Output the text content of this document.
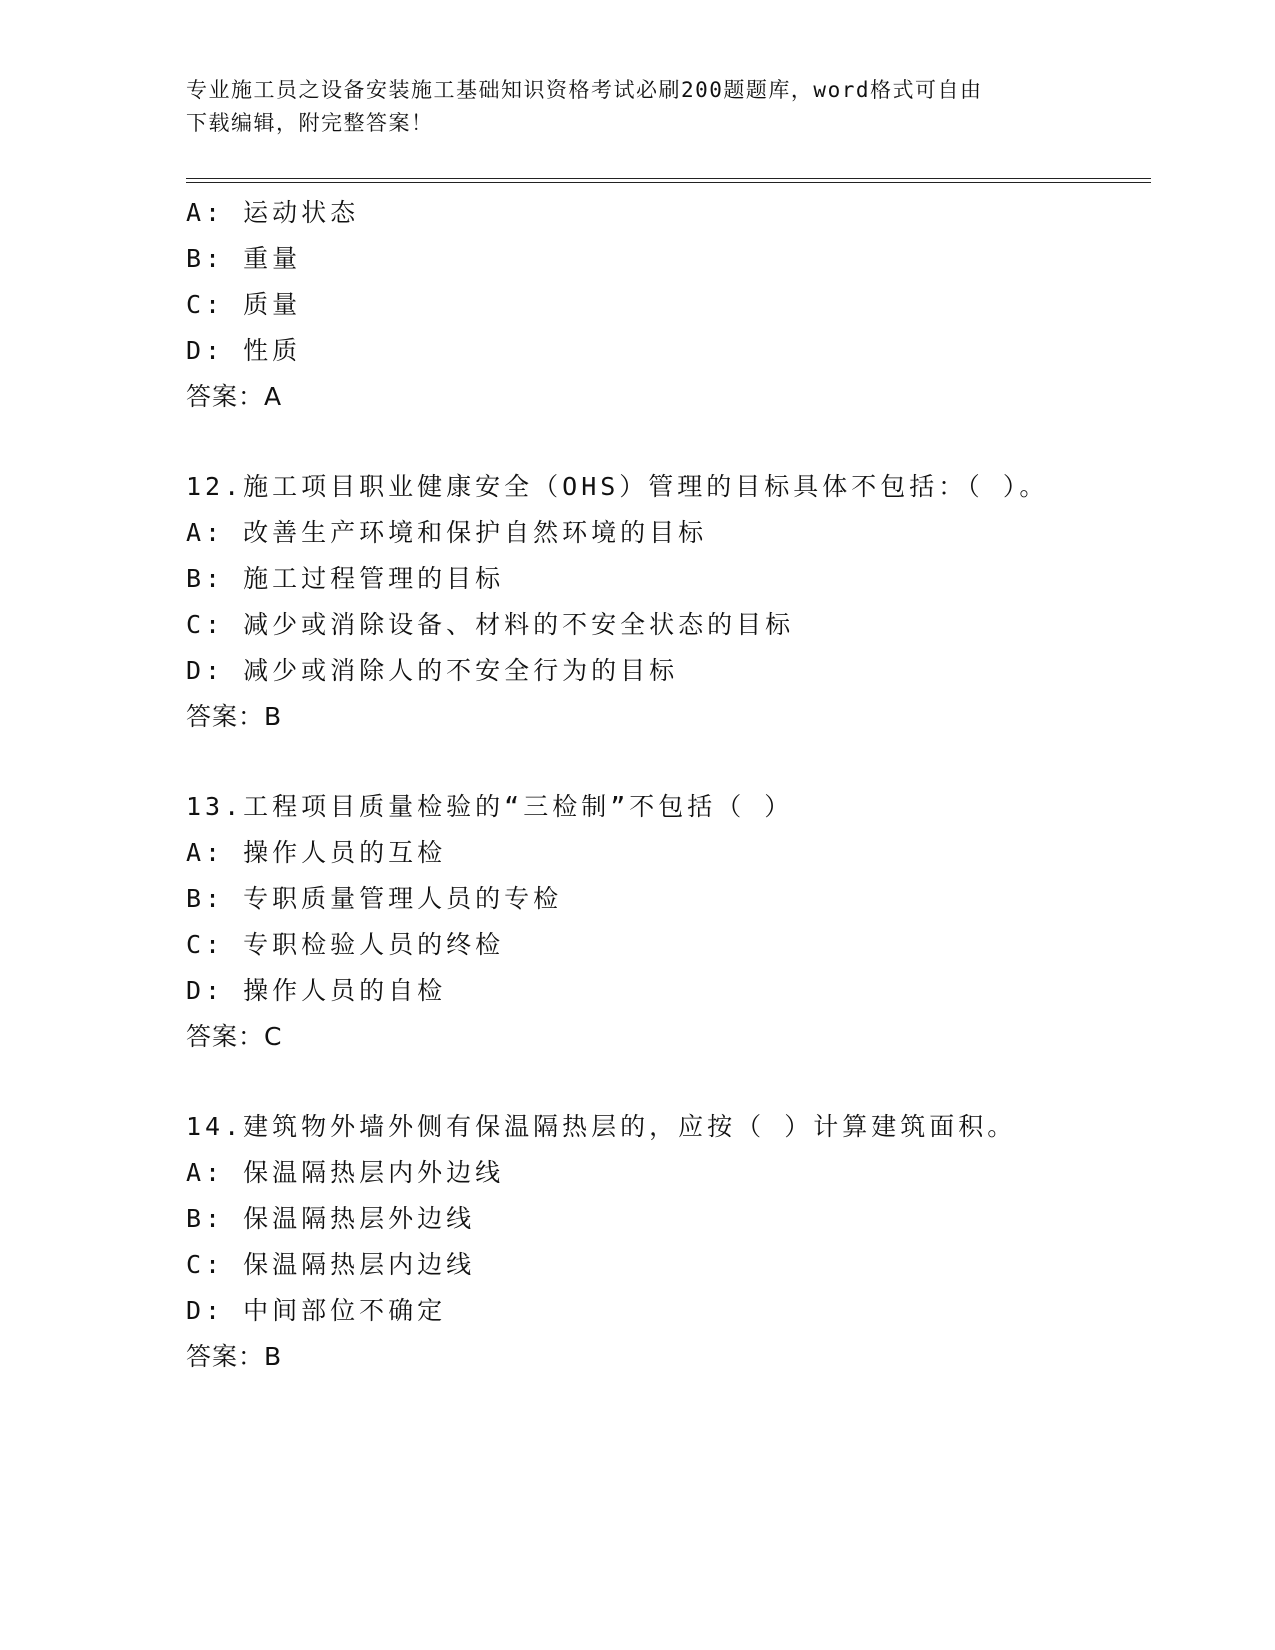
专业施工员之设备安装施工基础知识资格考试必刷200题题库，word格式可自由
下载编辑，附完整答案！
A: 运动状态
B: 重量
C: 质量
D: 性质
答案：A
12.施工项目职业健康安全（OHS）管理的目标具体不包括：（ ）。
A: 改善生产环境和保护自然环境的目标
B: 施工过程管理的目标
C: 减少或消除设备、材料的不安全状态的目标
D: 减少或消除人的不安全行为的目标
答案：B
13.工程项目质量检验的“三检制”不包括（ ）
A: 操作人员的互检
B: 专职质量管理人员的专检
C: 专职检验人员的终检
D: 操作人员的自检
答案：C
14.建筑物外墙外侧有保温隔热层的，应按（ ）计算建筑面积。
A: 保温隔热层内外边线
B: 保温隔热层外边线
C: 保温隔热层内边线
D: 中间部位不确定
答案：B
